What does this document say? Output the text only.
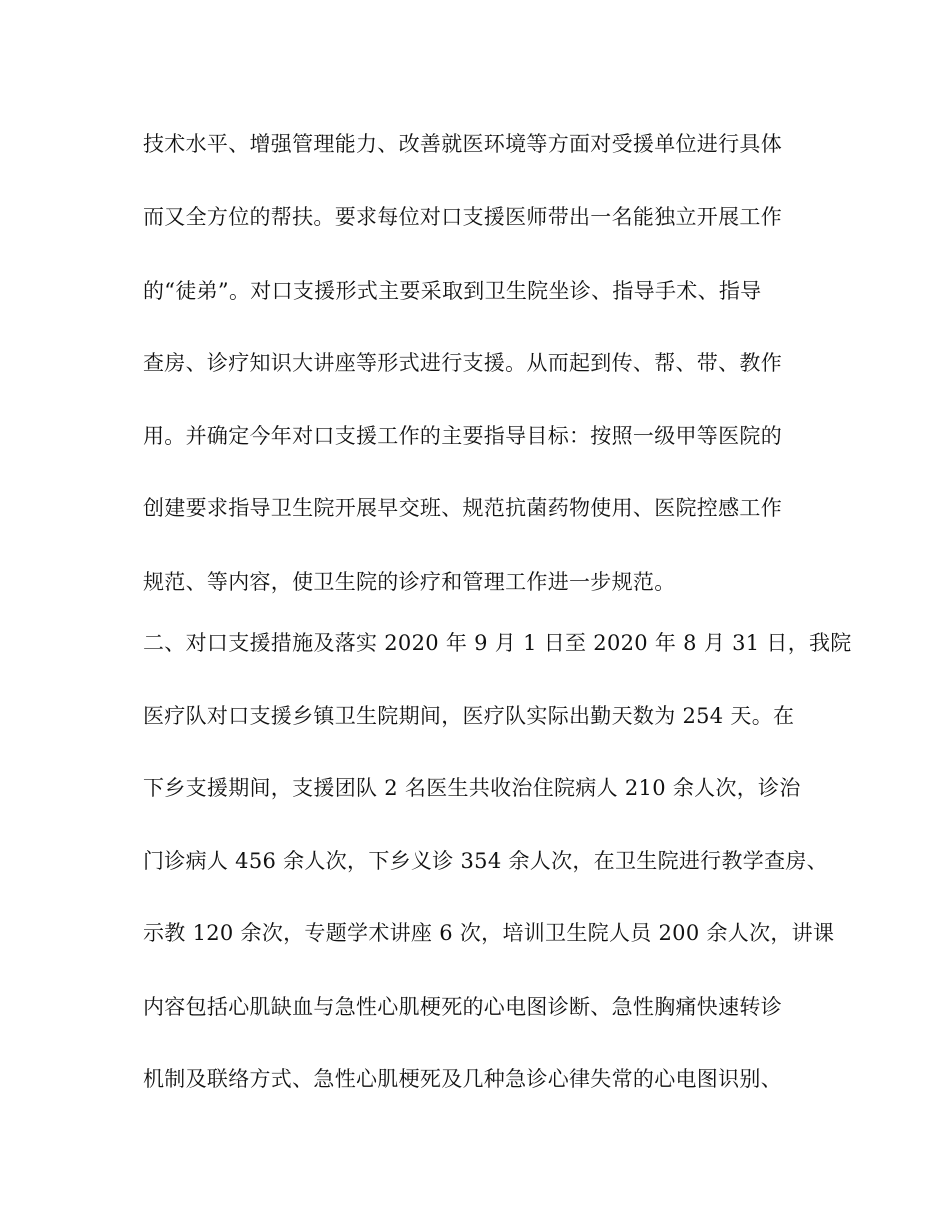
技术水平、增强管理能力、改善就医环境等方面对受援单位进行具体
而又全方位的帮扶。要求每位对口支援医师带出一名能独立开展工作
的“徒弟”。对口支援形式主要采取到卫生院坐诊、指导手术、指导
查房、诊疗知识大讲座等形式进行支援。从而起到传、帮、带、教作
用。并确定今年对口支援工作的主要指导目标：按照一级甲等医院的
创建要求指导卫生院开展早交班、规范抗菌药物使用、医院控感工作
规范、等内容，使卫生院的诊疗和管理工作进一步规范。
二、对口支援措施及落实 2020 年 9 月 1 日至 2020 年 8 月 31 日，我院
医疗队对口支援乡镇卫生院期间，医疗队实际出勤天数为 254 天。在
下乡支援期间，支援团队 2 名医生共收治住院病人 210 余人次，诊治
门诊病人 456 余人次，下乡义诊 354 余人次，在卫生院进行教学查房、
示教 120 余次，专题学术讲座 6 次，培训卫生院人员 200 余人次，讲课
内容包括心肌缺血与急性心肌梗死的心电图诊断、急性胸痛快速转诊
机制及联络方式、急性心肌梗死及几种急诊心律失常的心电图识别、
